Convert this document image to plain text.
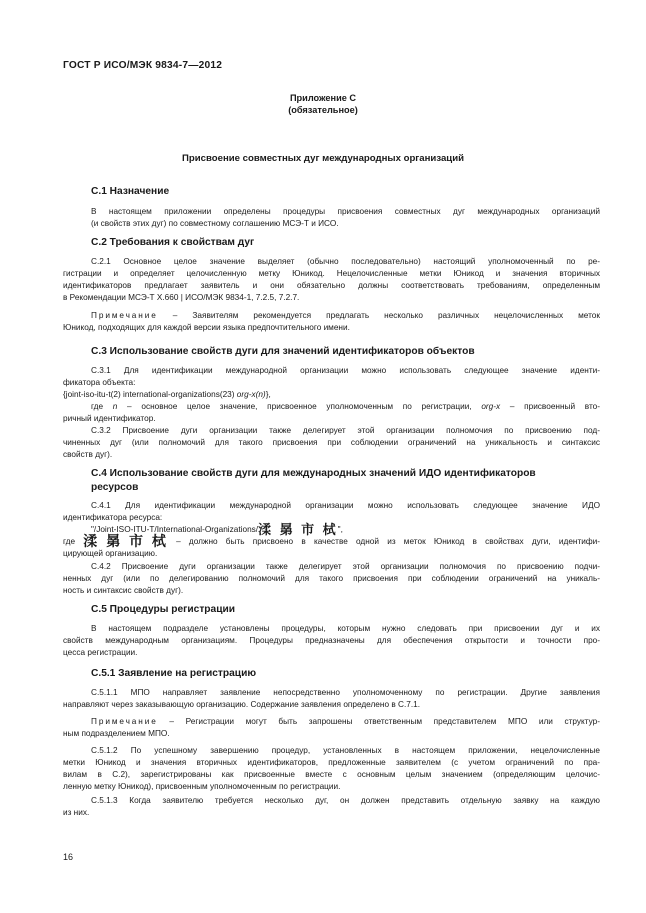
ГОСТ Р ИСО/МЭК 9834-7—2012
Приложение С
(обязательное)
Присвоение совместных дуг международных организаций
С.1 Назначение
В настоящем приложении определены процедуры присвоения совместных дуг международных организаций
(и свойств этих дуг) по совместному соглашению МСЭ-Т и ИСО.
С.2 Требования к свойствам дуг
С.2.1 Основное целое значение выделяет (обычно последовательно) настоящий уполномоченный по ре-
гистрации и определяет целочисленную метку Юникод. Нецелочисленные метки Юникод и значения вторичных
идентификаторов предлагает заявитель и они обязательно должны соответствовать требованиям, определенным
в Рекомендации МСЭ-Т X.660 | ИСО/МЭК 9834-1, 7.2.5, 7.2.7.
Примечание – Заявителям рекомендуется предлагать несколько различных нецелочисленных меток
Юникод, подходящих для каждой версии языка предпочтительного имени.
С.3 Использование свойств дуги для значений идентификаторов объектов
С.3.1 Для идентификации международной организации можно использовать следующее значение иденти-
фикатора объекта:
{joint-iso-itu-t(2) international-organizations(23) org-x(n)},
где n – основное целое значение, присвоенное уполномоченным по регистрации, org-x – присвоенный вто-
ричный идентификатор.
С.3.2 Присвоение дуги организации также делегирует этой организации полномочия по присвоению под-
чиненных дуг (или полномочий для такого присвоения при соблюдении ограничений на уникальность и синтаксис
свойств дуг).
С.4 Использование свойств дуги для международных значений ИДО идентификаторов
ресурсов
С.4.1 Для идентификации международной организации можно использовать следующее значение ИДО
идентификатора ресурса:
"/Joint-ISO-ITU-T/International-Organizations/渘 晜 市 栻",
где 渘 晜 市 栻 – должно быть присвоено в качестве одной из меток Юникод в свойствах дуги, идентифи-
цирующей организацию.
С.4.2 Присвоение дуги организации также делегирует этой организации полномочия по присвоению подчи-
ненных дуг (или по делегированию полномочий для такого присвоения при соблюдении ограничений на уникаль-
ность и синтаксис свойств дуг).
С.5 Процедуры регистрации
В настоящем подразделе установлены процедуры, которым нужно следовать при присвоении дуг и их
свойств международным организациям. Процедуры предназначены для обеспечения открытости и точности про-
цесса регистрации.
С.5.1 Заявление на регистрацию
С.5.1.1 МПО направляет заявление непосредственно уполномоченному по регистрации. Другие заявления
направляют через заказывающую организацию. Содержание заявления определено в С.7.1.
Примечание – Регистрации могут быть запрошены ответственным представителем МПО или структур-
ным подразделением МПО.
С.5.1.2 По успешному завершению процедур, установленных в настоящем приложении, нецелочисленные
метки Юникод и значения вторичных идентификаторов, предложенные заявителем (с учетом ограничений по пра-
вилам в С.2), зарегистрированы как присвоенные вместе с основным целым значением (определяющим целочис-
ленную метку Юникод), присвоенным уполномоченным по регистрации.
С.5.1.3 Когда заявителю требуется несколько дуг, он должен представить отдельную заявку на каждую
из них.
16
